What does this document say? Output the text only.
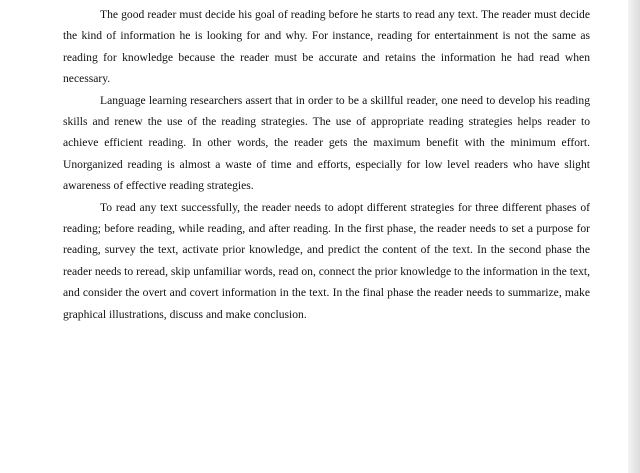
The good reader must decide his goal of reading before he starts to read any text. The reader must decide the kind of information he is looking for and why. For instance, reading for entertainment is not the same as reading for knowledge because the reader must be accurate and retains the information he had read when necessary.

Language learning researchers assert that in order to be a skillful reader, one need to develop his reading skills and renew the use of the reading strategies. The use of appropriate reading strategies helps reader to achieve efficient reading. In other words, the reader gets the maximum benefit with the minimum effort. Unorganized reading is almost a waste of time and efforts, especially for low level readers who have slight awareness of effective reading strategies.

To read any text successfully, the reader needs to adopt different strategies for three different phases of reading; before reading, while reading, and after reading. In the first phase, the reader needs to set a purpose for reading, survey the text, activate prior knowledge, and predict the content of the text. In the second phase the reader needs to reread, skip unfamiliar words, read on, connect the prior knowledge to the information in the text, and consider the overt and covert information in the text. In the final phase the reader needs to summarize, make graphical illustrations, discuss and make conclusion.
